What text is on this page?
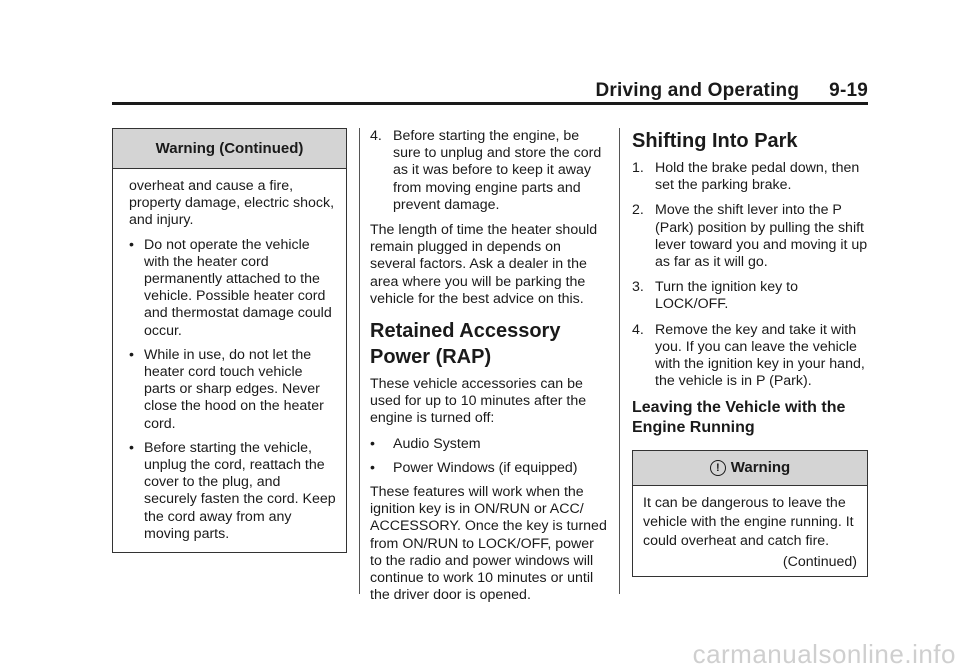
Driving and Operating 9-19
Warning (Continued)

overheat and cause a fire, property damage, electric shock, and injury.

• Do not operate the vehicle with the heater cord permanently attached to the vehicle. Possible heater cord and thermostat damage could occur.
• While in use, do not let the heater cord touch vehicle parts or sharp edges. Never close the hood on the heater cord.
• Before starting the vehicle, unplug the cord, reattach the cover to the plug, and securely fasten the cord. Keep the cord away from any moving parts.
4. Before starting the engine, be sure to unplug and store the cord as it was before to keep it away from moving engine parts and prevent damage.

The length of time the heater should remain plugged in depends on several factors. Ask a dealer in the area where you will be parking the vehicle for the best advice on this.

Retained Accessory Power (RAP)

These vehicle accessories can be used for up to 10 minutes after the engine is turned off:

• Audio System
• Power Windows (if equipped)

These features will work when the ignition key is in ON/RUN or ACC/ ACCESSORY. Once the key is turned from ON/RUN to LOCK/OFF, power to the radio and power windows will continue to work 10 minutes or until the driver door is opened.

Shifting Into Park
1. Hold the brake pedal down, then set the parking brake.
2. Move the shift lever into the P (Park) position by pulling the shift lever toward you and moving it up as far as it will go.
3. Turn the ignition key to LOCK/OFF.
4. Remove the key and take it with you. If you can leave the vehicle with the ignition key in your hand, the vehicle is in P (Park).
Leaving the Vehicle with the Engine Running
! Warning
It can be dangerous to leave the vehicle with the engine running. It could overheat and catch fire.
(Continued)
carmanualsonline.info
